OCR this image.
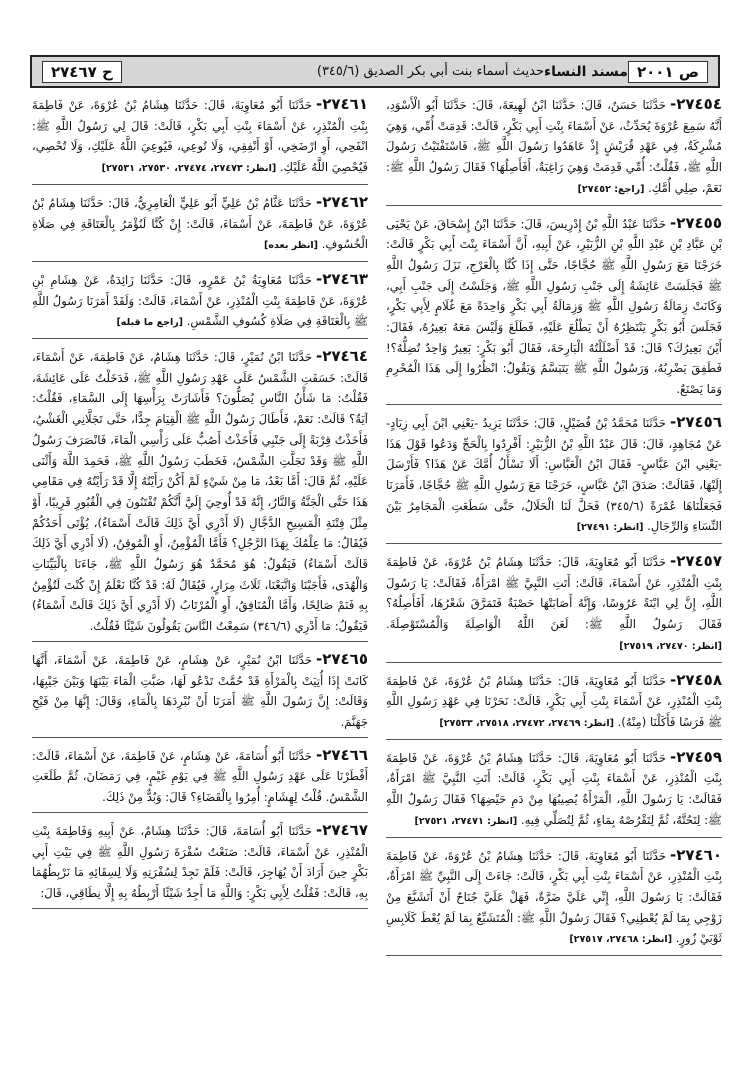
ص ٢٠٠١
مسند النساء
حديث أسماء بنت أبي بكر الصديق (٣٤٥/٦)
ح ٢٧٤٦٧
٢٧٤٥٤-حَدَّثَنَا حَسَنٌ، قَالَ: حَدَّثَنَا ابْنُ لَهِيعَةَ، قَالَ: حَدَّثَنَا أَبُو الْأَسْوَدِ، أَنَّهُ سَمِعَ عُرْوَةَ يُحَدِّثُ، عَنْ أَسْمَاءَ بِنْتِ أَبِي بَكْرٍ، قَالَتْ: قَدِمَتْ أُمِّي، وَهِيَ مُشْرِكَةٌ، فِي عَهْدِ قُرَيْشٍ إِذْ عَاهَدُوا رَسُولَ اللَّهِ ﷺ، فَاسْتَفْتَيْتُ رَسُولَ اللَّهِ ﷺ، فَقُلْتُ: أُمِّي قَدِمَتْ وَهِيَ رَاغِبَةٌ، أَفَأَصِلُهَا؟ فَقَالَ رَسُولُ اللَّهِ ﷺ: نَعَمْ، صِلِي أُمَّكِ. [راجع: ٢٧٤٥٢]
٢٧٤٥٥-حَدَّثَنَا عَبْدُ اللَّهِ بْنُ إِدْرِيسَ، قَالَ: حَدَّثَنَا ابْنُ إِسْحَاقَ، عَنْ يَحْيَى بْنِ عَبَّادِ بْنِ عَبْدِ اللَّهِ بْنِ الزُّبَيْرِ، عَنْ أَبِيهِ، أَنَّ أَسْمَاءَ بِنْتَ أَبِي بَكْرٍ قَالَتْ: خَرَجْنَا مَعَ رَسُولِ اللَّهِ ﷺ حُجَّاجًا، حَتَّى إِذَا كُنَّا بِالْعَرْجِ، نَزَلَ رَسُولُ اللَّهِ ﷺ فَجَلَسَتْ عَائِشَةُ إِلَى جَنْبِ رَسُولِ اللَّهِ ﷺ، وَجَلَسْتُ إِلَى جَنْبِ أَبِي، وَكَانَتْ زِمَالَةُ رَسُولِ اللَّهِ ﷺ وَزِمَالَةُ أَبِي بَكْرٍ وَاحِدَةً مَعَ غُلَامٍ لِأَبِي بَكْرٍ، فَجَلَسَ أَبُو بَكْرٍ يَنْتَظِرُهُ أَنْ يَطْلُعَ عَلَيْهِ، فَطَلَعَ وَلَيْسَ مَعَهُ بَعِيرُهُ، فَقَالَ: أَيْنَ بَعِيرُكَ؟ قَالَ: قَدْ أَضْلَلْتُهُ الْبَارِحَةَ، فَقَالَ أَبُو بَكْرٍ: بَعِيرٌ وَاحِدٌ تُضِلُّهُ؟! فَطَفِقَ يَضْرِبُهُ، وَرَسُولُ اللَّهِ ﷺ يَتَبَسَّمُ وَيَقُولُ: انْظُرُوا إِلَى هَذَا الْمُحْرِمِ وَمَا يَصْنَعُ.
٢٧٤٥٦-حَدَّثَنَا مُحَمَّدُ بْنُ فُضَيْلٍ، قَالَ: حَدَّثَنَا يَزِيدُ -يَعْنِي ابْنَ أَبِي زِيَادٍ- عَنْ مُجَاهِدٍ، قَالَ: قَالَ عَبْدُ اللَّهِ بْنُ الزُّبَيْرِ: أَفْرِدُوا بِالْحَجِّ وَدَعُوا قَوْلَ هَذَا -يَعْنِي ابْنَ عَبَّاسٍ- فَقَالَ ابْنُ الْعَبَّاسِ: أَلَا تَسْأَلُ أُمَّكَ عَنْ هَذَا؟ فَأَرْسَلَ إِلَيْهَا، فَقَالَتْ: صَدَقَ ابْنُ عَبَّاسٍ، خَرَجْنَا مَعَ رَسُولِ اللَّهِ ﷺ حُجَّاجًا، فَأَمَرَنَا فَجَعَلْنَاهَا عُمْرَةً (٣٤٥/٦) فَحَلَّ لَنَا الْحَلَالُ، حَتَّى سَطَعَتِ الْمَجَامِرُ بَيْنَ النِّسَاءِ وَالرِّجَالِ. [انظر: ٢٧٤٩١]
٢٧٤٥٧-حَدَّثَنَا أَبُو مُعَاوِيَةَ، قَالَ: حَدَّثَنَا هِشَامُ بْنُ عُرْوَةَ، عَنْ فَاطِمَةَ بِنْتِ الْمُنْذِرِ، عَنْ أَسْمَاءَ، قَالَتْ: أَتَتِ النَّبِيَّ ﷺ امْرَأَةٌ، فَقَالَتْ: يَا رَسُولَ اللَّهِ، إِنَّ لِي ابْنَةً عَرُوسًا، وَإِنَّهُ أَصَابَتْهَا حَصْبَةٌ فَتَمَرَّقَ شَعْرُهَا، أَفَأَصِلُهُ؟ فَقَالَ رَسُولُ اللَّهِ ﷺ: لَعَنَ اللَّهُ الْوَاصِلَةَ وَالْمُسْتَوْصِلَةَ. [انظر: ٢٧٤٧٠، ٢٧٥١٩]
٢٧٤٥٨-حَدَّثَنَا أَبُو مُعَاوِيَةَ، قَالَ: حَدَّثَنَا هِشَامُ بْنُ عُرْوَةَ، عَنْ فَاطِمَةَ بِنْتِ الْمُنْذِرِ، عَنْ أَسْمَاءَ بِنْتِ أَبِي بَكْرٍ، قَالَتْ: نَحَرْنَا فِي عَهْدِ رَسُولِ اللَّهِ ﷺ فَرَسًا فَأَكَلْنَا (مِنْهُ). [انظر: ٢٧٤٦٩، ٢٧٤٧٢، ٢٧٥١٨، ٢٧٥٣٣]
٢٧٤٥٩-حَدَّثَنَا أَبُو مُعَاوِيَةَ، قَالَ: حَدَّثَنَا هِشَامُ بْنُ عُرْوَةَ، عَنْ فَاطِمَةَ بِنْتِ الْمُنْذِرِ، عَنْ أَسْمَاءَ بِنْتِ أَبِي بَكْرٍ، قَالَتْ: أَتَتِ النَّبِيَّ ﷺ امْرَأَةٌ، فَقَالَتْ: يَا رَسُولَ اللَّهِ، الْمَرْأَةُ يُصِيبُهَا مِنْ دَمِ حَيْضِهَا؟ فَقَالَ رَسُولُ اللَّهِ ﷺ: لِتَحُتَّهُ، ثُمَّ لِتَقْرُصْهُ بِمَاءٍ، ثُمَّ لِتُصَلِّي فِيهِ. [انظر: ٢٧٤٧١، ٢٧٥٢١]
٢٧٤٦٠-حَدَّثَنَا أَبُو مُعَاوِيَةَ، قَالَ: حَدَّثَنَا هِشَامُ بْنُ عُرْوَةَ، عَنْ فَاطِمَةَ بِنْتِ الْمُنْذِرِ، عَنْ أَسْمَاءَ بِنْتِ أَبِي بَكْرٍ، قَالَتْ: جَاءَتْ إِلَى النَّبِيِّ ﷺ امْرَأَةٌ، فَقَالَتْ: يَا رَسُولَ اللَّهِ، إِنِّي عَلَيَّ ضَرَّةٌ، فَهَلْ عَلَيَّ جُنَاحٌ أَنْ أَتَشَبَّعَ مِنْ زَوْجِي بِمَا لَمْ يُعْطِنِي؟ فَقَالَ رَسُولُ اللَّهِ ﷺ: الْمُتَشَبِّعُ بِمَا لَمْ يُعْطَ كَلَابِسِ ثَوْبَيْ زُورٍ. [انظر: ٢٧٤٦٨، ٢٧٥١٧]
٢٧٤٦١-حَدَّثَنَا أَبُو مُعَاوِيَةَ، قَالَ: حَدَّثَنَا هِشَامُ بْنُ عُرْوَةَ، عَنْ فَاطِمَةَ بِنْتِ الْمُنْذِرِ، عَنْ أَسْمَاءَ بِنْتِ أَبِي بَكْرٍ، قَالَتْ: قَالَ لِي رَسُولُ اللَّهِ ﷺ: انْفَحِي، أَوِ ارْضَخِي، أَوْ أَنْفِقِي، وَلَا تُوعِي، فَيُوعِيَ اللَّهُ عَلَيْكِ، وَلَا تُحْصِي، فَيُحْصِيَ اللَّهُ عَلَيْكِ. [انظر: ٢٧٤٧٣، ٢٧٤٧٤، ٢٧٥٣٠، ٢٧٥٣١]
٢٧٤٦٢-حَدَّثَنَا عَثَّامُ بْنُ عَلِيٍّ أَبُو عَلِيٍّ الْعَامِرِيُّ، قَالَ: حَدَّثَنَا هِشَامُ بْنُ عُرْوَةَ، عَنْ فَاطِمَةَ، عَنْ أَسْمَاءَ، قَالَتْ: إِنْ كُنَّا لَنُؤْمَرُ بِالْعَتَاقَةِ فِي صَلَاةِ الْخُسُوفِ. [انظر بعده]
٢٧٤٦٣-حَدَّثَنَا مُعَاوِيَةُ بْنُ عَمْرٍو، قَالَ: حَدَّثَنَا زَائِدَةُ، عَنْ هِشَامِ بْنِ عُرْوَةَ، عَنْ فَاطِمَةَ بِنْتِ الْمُنْذِرِ، عَنْ أَسْمَاءَ، قَالَتْ: وَلَقَدْ أَمَرَنَا رَسُولُ اللَّهِ ﷺ بِالْعَتَاقَةِ فِي صَلَاةِ كُسُوفِ الشَّمْسِ. [راجع ما قبله]
٢٧٤٦٤-حَدَّثَنَا ابْنُ نُمَيْرٍ، قَالَ: حَدَّثَنَا هِشَامٌ، عَنْ فَاطِمَةَ، عَنْ أَسْمَاءَ، قَالَتْ: خَسَفَتِ الشَّمْسُ عَلَى عَهْدِ رَسُولِ اللَّهِ ﷺ، فَدَخَلْتُ عَلَى عَائِشَةَ، فَقُلْتُ: مَا شَأْنُ النَّاسِ يُصَلُّونَ؟ فَأَشَارَتْ بِرَأْسِهَا إِلَى السَّمَاءِ، فَقُلْتُ: آيَةٌ؟ قَالَتْ: نَعَمْ، فَأَطَالَ رَسُولُ اللَّهِ ﷺ الْقِيَامَ جِدًّا، حَتَّى تَجَلَّانِي الْغَشْيُ، فَأَخَذْتُ قِرْبَةً إِلَى جَنْبِي فَأَخَذْتُ أَصُبُّ عَلَى رَأْسِي الْمَاءَ، فَانْصَرَفَ رَسُولُ اللَّهِ ﷺ وَقَدْ تَجَلَّتِ الشَّمْسُ، فَخَطَبَ رَسُولُ اللَّهِ ﷺ، فَحَمِدَ اللَّهَ وَأَثْنَى عَلَيْهِ، ثُمَّ قَالَ: أَمَّا بَعْدُ، مَا مِنْ شَيْءٍ لَمْ أَكُنْ رَأَيْتُهُ إِلَّا قَدْ رَأَيْتُهُ فِي مَقَامِي هَذَا حَتَّى الْجَنَّةُ وَالنَّارُ، إِنَّهُ قَدْ أُوحِيَ إِلَيَّ أَنَّكُمْ تُفْتَنُونَ فِي الْقُبُورِ قَرِيبًا، أَوْ مِثْلَ فِتْنَةِ الْمَسِيحِ الدَّجَّالِ (لَا أَدْرِي أَيَّ ذَلِكَ قَالَتْ أَسْمَاءُ)، يُؤْتَى أَحَدُكُمْ فَيُقَالُ: مَا عِلْمُكَ بِهَذَا الرَّجُلِ؟ فَأَمَّا الْمُؤْمِنُ، أَوِ الْمُوقِنُ، (لَا أَدْرِي أَيَّ ذَلِكَ قَالَتْ أَسْمَاءُ) فَيَقُولُ: هُوَ مُحَمَّدٌ هُوَ رَسُولُ اللَّهِ ﷺ، جَاءَنَا بِالْبَيِّنَاتِ وَالْهُدَى، فَأَجَبْنَا وَاتَّبَعْنَا، ثَلَاثَ مِرَارٍ، فَيُقَالُ لَهُ: قَدْ كُنَّا نَعْلَمُ إِنْ كُنْتَ لَتُؤْمِنُ بِهِ فَنَمْ صَالِحًا، وَأَمَّا الْمُنَافِقُ، أَوِ الْمُرْتَابُ (لَا أَدْرِي أَيَّ ذَلِكَ قَالَتْ أَسْمَاءُ) فَيَقُولُ: مَا أَدْرِي (٣٤٦/٦) سَمِعْتُ النَّاسَ يَقُولُونَ شَيْئًا فَقُلْتُ.
٢٧٤٦٥-حَدَّثَنَا ابْنُ نُمَيْرٍ، عَنْ هِشَامٍ، عَنْ فَاطِمَةَ، عَنْ أَسْمَاءَ، أَنَّهَا كَانَتْ إِذَا أُتِيَتْ بِالْمَرْأَةِ قَدْ حُمَّتْ تَدْعُو لَهَا، صَبَّتِ الْمَاءَ بَيْنَهَا وَبَيْنَ جَيْبِهَا، وَقَالَتْ: إِنَّ رَسُولَ اللَّهِ ﷺ أَمَرَنَا أَنْ نُبْرِدَهَا بِالْمَاءِ، وَقَالَ: إِنَّهَا مِنْ فَيْحِ جَهَنَّمَ.
٢٧٤٦٦-حَدَّثَنَا أَبُو أُسَامَةَ، عَنْ هِشَامٍ، عَنْ فَاطِمَةَ، عَنْ أَسْمَاءَ، قَالَتْ: أَفْطَرْنَا عَلَى عَهْدِ رَسُولِ اللَّهِ ﷺ فِي يَوْمِ غَيْمٍ، فِي رَمَضَانَ، ثُمَّ طَلَعَتِ الشَّمْسُ. قُلْتُ لِهِشَامٍ: أُمِرُوا بِالْقَضَاءِ؟ قَالَ: وَبُدٌّ مِنْ ذَلِكَ.
٢٧٤٦٧-حَدَّثَنَا أَبُو أُسَامَةَ، قَالَ: حَدَّثَنَا هِشَامٌ، عَنْ أَبِيهِ وَفَاطِمَةَ بِنْتِ الْمُنْذِرِ، عَنْ أَسْمَاءَ، قَالَتْ: صَنَعْتُ سُفْرَةَ رَسُولِ اللَّهِ ﷺ فِي بَيْتِ أَبِي بَكْرٍ حِينَ أَرَادَ أَنْ يُهَاجِرَ، قَالَتْ: فَلَمْ نَجِدْ لِسُفْرَتِهِ وَلَا لِسِقَائِهِ مَا نَرْبِطُهُمَا بِهِ، قَالَتْ: فَقُلْتُ لِأَبِي بَكْرٍ: وَاللَّهِ مَا أَجِدُ شَيْئًا أَرْبِطُهُ بِهِ إِلَّا نِطَاقِي، قَالَ:
